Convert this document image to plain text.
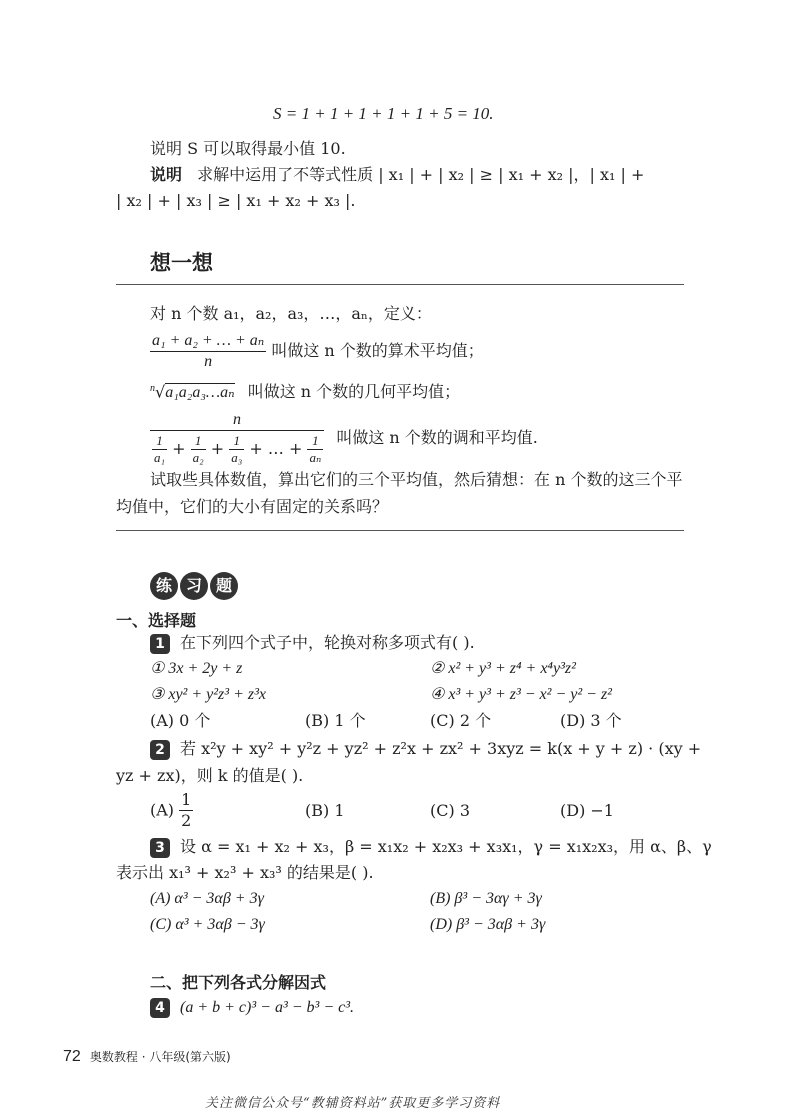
S = 1 + 1 + 1 + 1 + 1 + 5 = 10.
说明 S 可以取得最小值 10.
说明 求解中运用了不等式性质 | x₁ | + | x₂ | ≥ | x₁ + x₂ |，| x₁ | +
| x₂ | + | x₃ | ≥ | x₁ + x₂ + x₃ |.
想一想
对 n 个数 a₁，a₂，a₃，…，aₙ，定义：
$\frac{\text{a₁ + a₂ + … + aₙ}}{n}$ 叫做这 n 个数的算术平均值；
$^n$√a₁a₂a₃…aₙ 叫做这 n 个数的几何平均值；
n
$\frac{1}{\text{a₁}} + \frac{1}{\text{a₂}} + \frac{1}{\text{a₃}}$ + … + $\frac{1}{\text{aₙ}}$ 叫做这 n 个数的调和平均值.
试取些具体数值，算出它们的三个平均值，然后猜想：在 n 个数的这三个平
均值中，它们的大小有固定的关系吗？
练 习 题
一、选择题
1 在下列四个式子中，轮换对称多项式有( ).
① 3x + 2y + z	② x² + y³ + z⁴ + x⁴y³z²
③ xy² + y²z³ + z³x	④ x³ + y³ + z³ − x² − y² − z²
(A) 0 个	(B) 1 个	(C) 2 个	(D) 3 个
2 若 x²y + xy² + y²z + yz² + z²x + zx² + 3xyz = k(x + y + z) · (xy +
yz + zx)，则 k 的值是( ).
$(A) \frac{1}{2}$	(B) 1	(C) 3	(D) −1
3 设 α = x₁ + x₂ + x₃，β = x₁x₂ + x₂x₃ + x₃x₁，γ = x₁x₂x₃，用 α、β、γ
表示出 x₁³ + x₂³ + x₃³ 的结果是( ).
(A) α³ − 3αβ + 3γ	(B) β³ − 3αγ + 3γ
(C) α³ + 3αβ − 3γ	(D) β³ − 3αβ + 3γ
二、把下列各式分解因式
4 (a + b + c)³ − a³ − b³ − c³.
72 奥数教程 · 八年级(第六版)
关注微信公众号“教辅资料站”获取更多学习资料
